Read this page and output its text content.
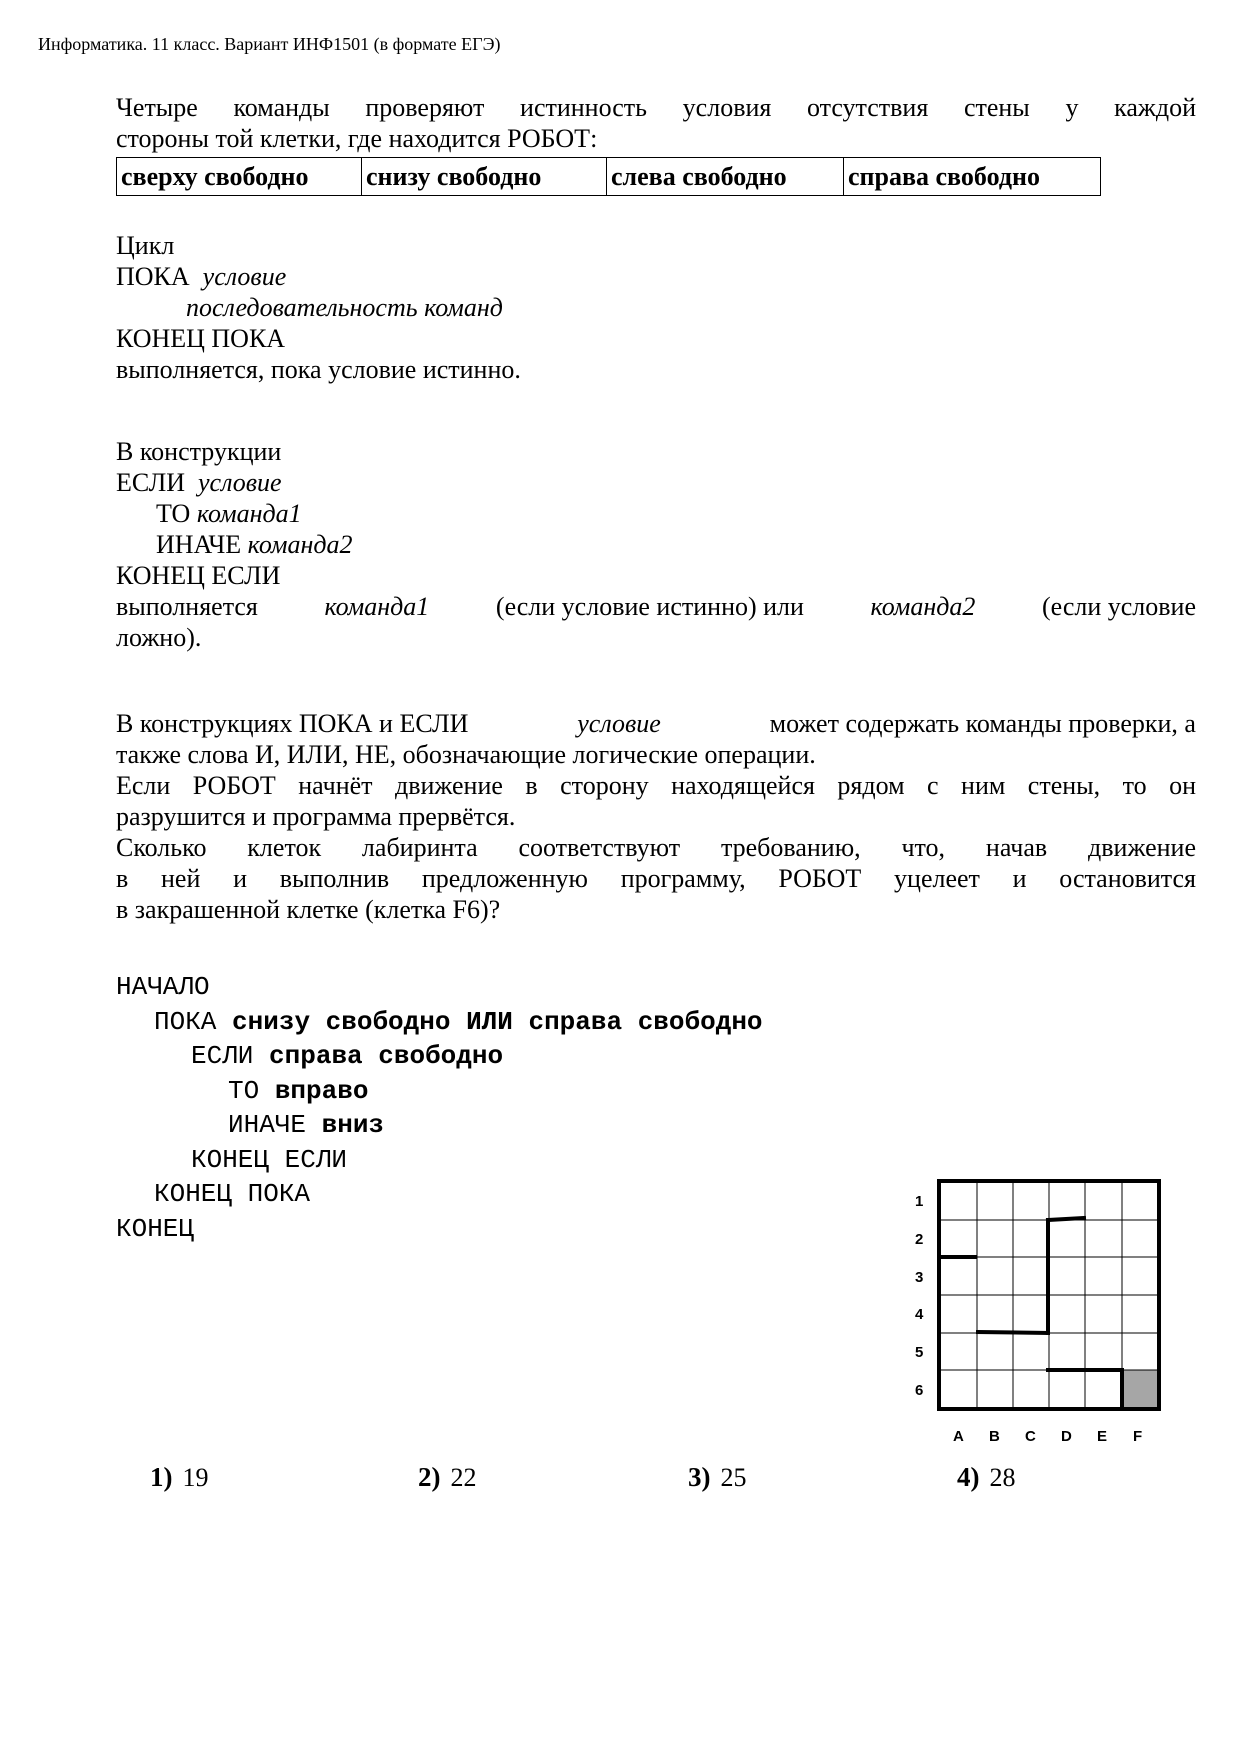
Информатика. 11 класс. Вариант ИНФ1501 (в формате ЕГЭ)
Четыре команды проверяют истинность условия отсутствия стены у каждой
стороны той клетки, где находится РОБОТ:
сверху свободно	снизу свободно	слева свободно	справа свободно
Цикл
ПОКА условие
последовательность команд
КОНЕЦ ПОКА
выполняется, пока условие истинно.
В конструкции
ЕСЛИ условие
ТО команда1
ИНАЧЕ команда2
КОНЕЦ ЕСЛИ
выполняется	команда1	(если условие истинно) или	команда2	(если условие
ложно).
В конструкциях ПОКА и ЕСЛИ	условие	может содержать команды проверки, а
также слова И, ИЛИ, НЕ, обозначающие логические операции.
Если РОБОТ начнёт движение в сторону находящейся рядом с ним стены, то он
разрушится и программа прервётся.
Сколько клеток лабиринта соответствуют требованию, что, начав движение
в ней и выполнив предложенную программу, РОБОТ уцелеет и остановится
в закрашенной клетке (клетка F6)?
НАЧАЛО
ПОКА снизу свободно ИЛИ справа свободно
ЕСЛИ справа свободно
ТО вправо
ИНАЧЕ вниз
КОНЕЦ ЕСЛИ
КОНЕЦ ПОКА
КОНЕЦ
1
2
3
4
5
6
A B C D E F
1) 19	2) 22	3) 25	4) 28
